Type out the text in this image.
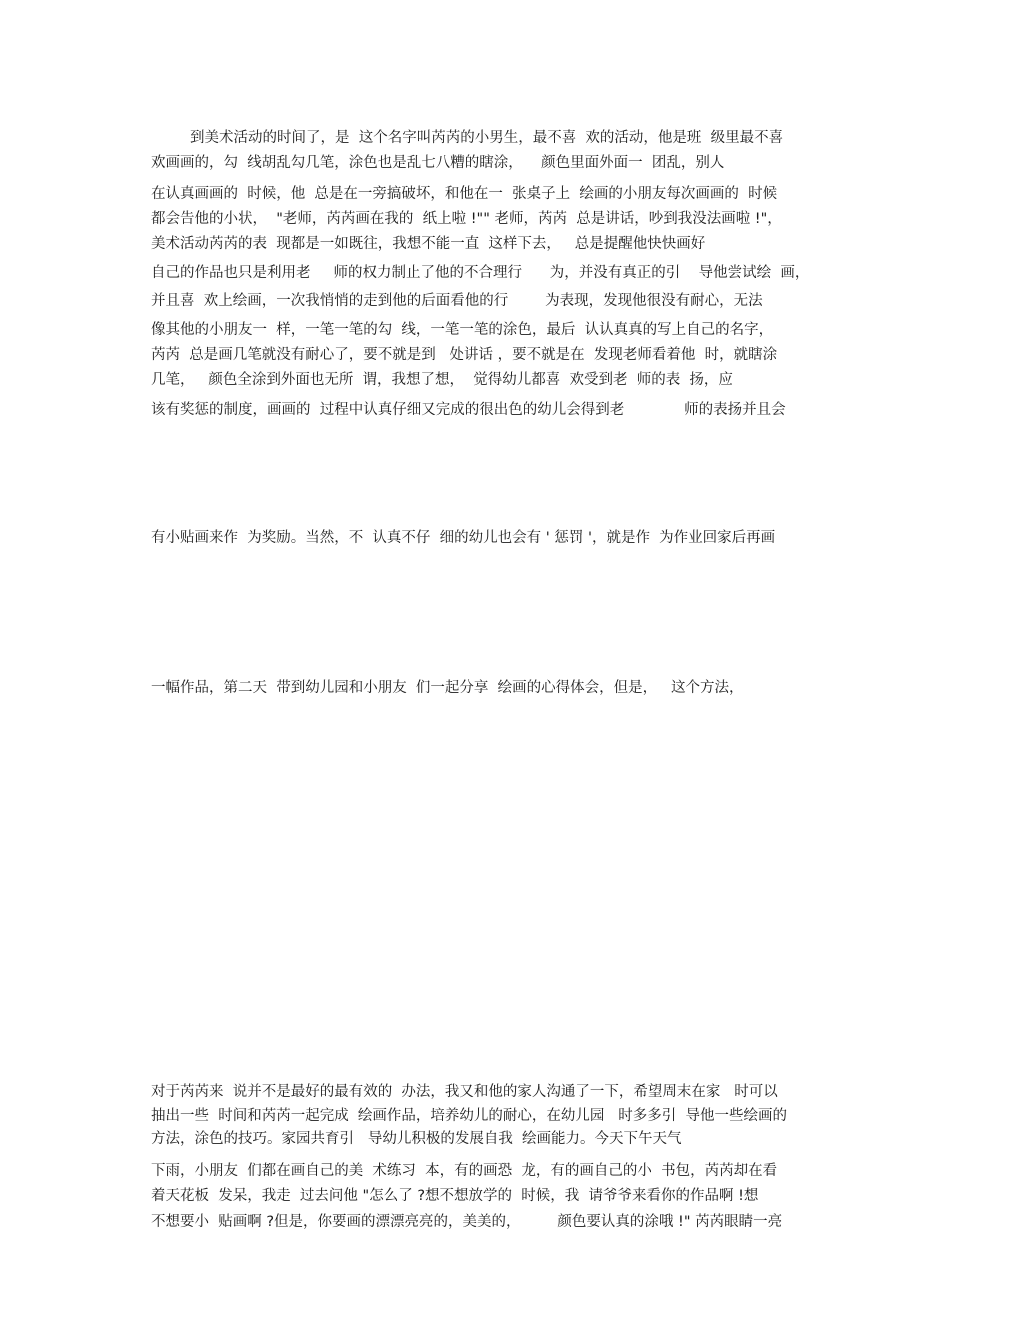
到美术活动的时间了，是  这个名字叫芮芮的小男生，最不喜  欢的活动，他是班  级里最不喜
欢画画的，勾  线胡乱勾几笔，涂色也是乱七八糟的瞎涂，    颜色里面外面一  团乱，别人
在认真画画的  时候，他  总是在一旁搞破坏，和他在一  张桌子上  绘画的小朋友每次画画的  时候
都会告他的小状，  "老师，芮芮画在我的  纸上啦 !"" 老师，芮芮  总是讲话，吵到我没法画啦 !"，
美术活动芮芮的表  现都是一如既往，我想不能一直  这样下去，   总是提醒他快快画好
自己的作品也只是利用老     师的权力制止了他的不合理行      为，并没有真正的引    导他尝试绘  画，
并且喜  欢上绘画，一次我悄悄的走到他的后面看他的行        为表现，发现他很没有耐心，无法
像其他的小朋友一  样，一笔一笔的勾  线，一笔一笔的涂色，最后  认认真真的写上自己的名字，
芮芮  总是画几笔就没有耐心了，要不就是到   处讲话 ，要不就是在  发现老师看着他  时，就瞎涂
几笔，   颜色全涂到外面也无所  谓，我想了想，  觉得幼儿都喜  欢受到老  师的表  扬，应
该有奖惩的制度，画画的  过程中认真仔细又完成的很出色的幼儿会得到老             师的表扬并且会
有小贴画来作  为奖励。当然，不  认真不仔  细的幼儿也会有 ' 惩罚 '，就是作  为作业回家后再画
一幅作品，第二天  带到幼儿园和小朋友  们一起分享  绘画的心得体会，但是，   这个方法，
对于芮芮来  说并不是最好的最有效的  办法，我又和他的家人沟通了一下，希望周末在家   时可以
抽出一些  时间和芮芮一起完成  绘画作品，培养幼儿的耐心，在幼儿园   时多多引  导他一些绘画的
方法，涂色的技巧。家园共育引   导幼儿积极的发展自我  绘画能力。今天下午天气
下雨，小朋友  们都在画自己的美  术练习  本，有的画恐  龙，有的画自己的小  书包，芮芮却在看
着天花板  发呆，我走  过去问他 "怎么了 ?想不想放学的  时候，我  请爷爷来看你的作品啊 !想
不想要小  贴画啊 ?但是，你要画的漂漂亮亮的，美美的，        颜色要认真的涂哦 !" 芮芮眼睛一亮
